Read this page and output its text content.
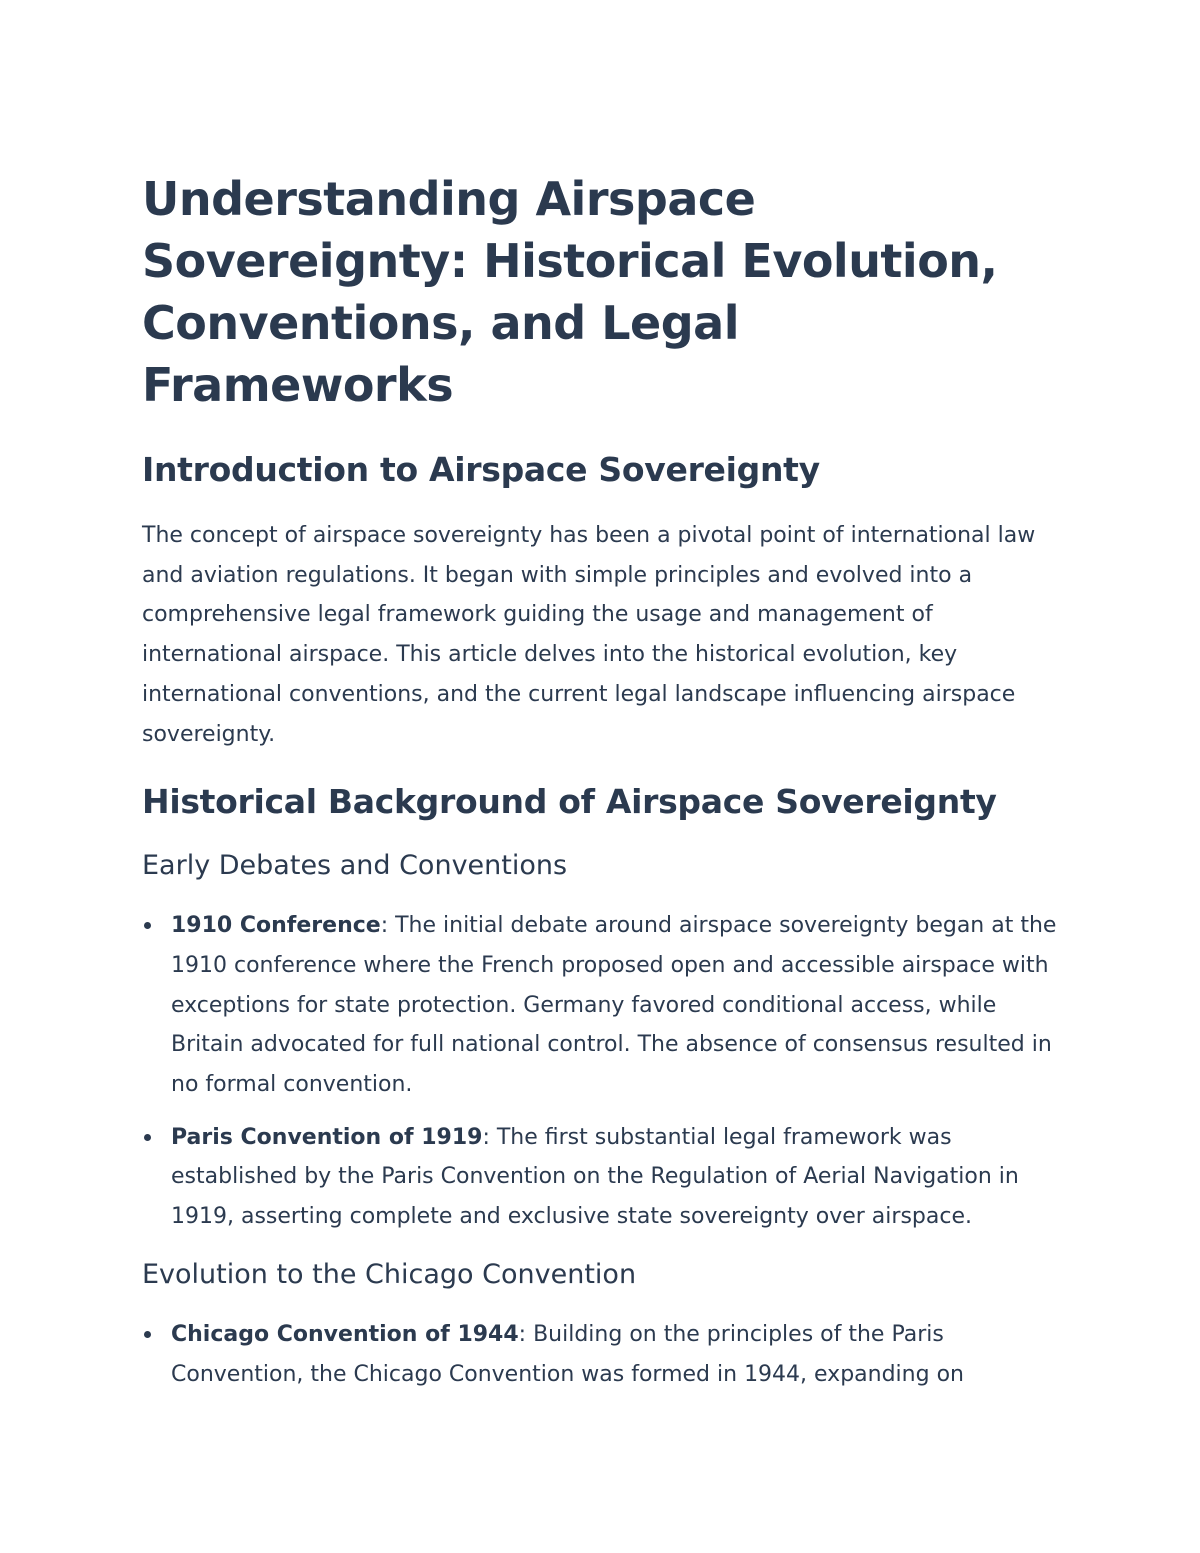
Understanding Airspace Sovereignty: Historical Evolution, Conventions, and Legal Frameworks
Introduction to Airspace Sovereignty

The concept of airspace sovereignty has been a pivotal point of international law and aviation regulations. It began with simple principles and evolved into a comprehensive legal framework guiding the usage and management of international airspace. This article delves into the historical evolution, key international conventions, and the current legal landscape influencing airspace sovereignty.

Historical Background of Airspace Sovereignty
Early Debates and Conventions
1910 Conference: The initial debate around airspace sovereignty began at the 1910 conference where the French proposed open and accessible airspace with exceptions for state protection. Germany favored conditional access, while Britain advocated for full national control. The absence of consensus resulted in no formal convention.
Paris Convention of 1919: The first substantial legal framework was established by the Paris Convention on the Regulation of Aerial Navigation in 1919, asserting complete and exclusive state sovereignty over airspace.
Evolution to the Chicago Convention
Chicago Convention of 1944: Building on the principles of the Paris Convention, the Chicago Convention was formed in 1944, expanding on
